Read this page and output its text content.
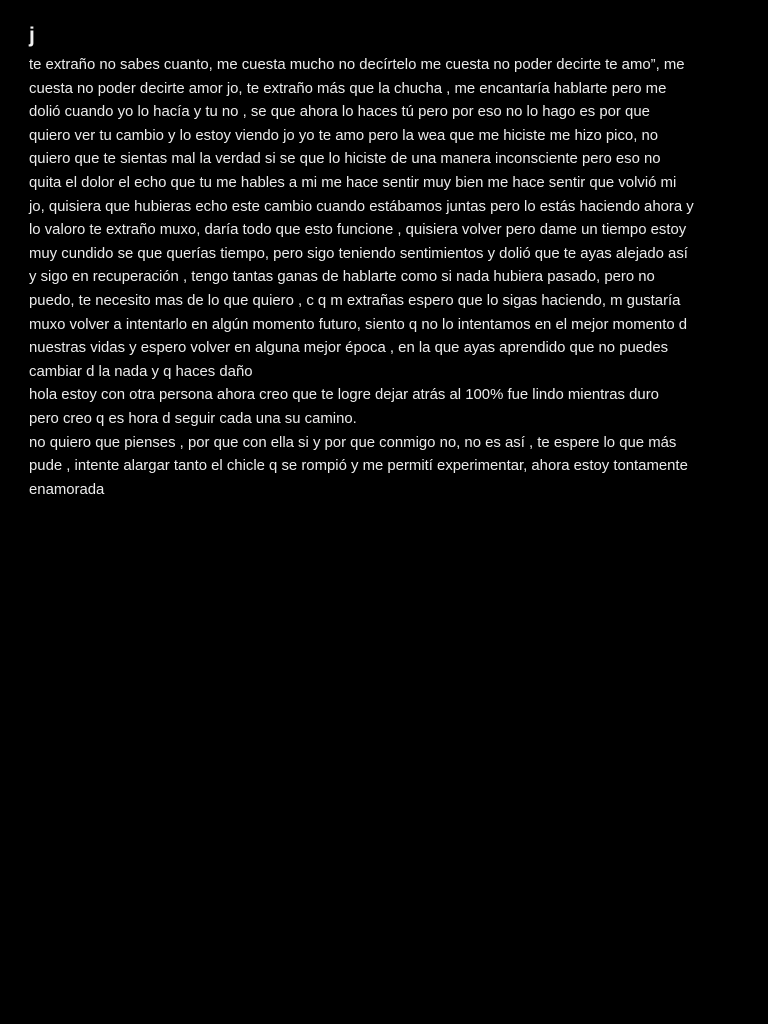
j
te extraño no sabes cuanto, me cuesta mucho no decírtelo me cuesta no poder decirte te amo”, me
cuesta no poder decirte amor jo, te extraño más que la chucha , me encantaría hablarte pero me
dolió cuando yo lo hacía y tu no , se que ahora lo haces tú pero por eso no lo hago es por que
quiero ver tu cambio y lo estoy viendo jo yo te amo pero la wea que me hiciste me hizo pico, no
quiero que te sientas mal la verdad si se que lo hiciste de una manera inconsciente pero eso no
quita el dolor el echo que tu me hables a mi me hace sentir muy bien me hace sentir que volvió mi
jo, quisiera que hubieras echo este cambio cuando estábamos juntas pero lo estás haciendo ahora y
lo valoro te extraño muxo, daría todo que esto funcione , quisiera volver pero dame un tiempo estoy
muy cundido se que querías tiempo, pero sigo teniendo sentimientos y dolió que te ayas alejado así
y sigo en recuperación , tengo tantas ganas de hablarte como si nada hubiera pasado, pero no
puedo, te necesito mas de lo que quiero , c q m extrañas espero que lo sigas haciendo, m gustaría
muxo volver a intentarlo en algún momento futuro, siento q no lo intentamos en el mejor momento d
nuestras vidas y espero volver en alguna mejor época , en la que ayas aprendido que no puedes
cambiar d la nada y q haces daño
hola estoy con otra persona ahora creo que te logre dejar atrás al 100% fue lindo mientras duro
pero creo q es hora d seguir cada una su camino.
no quiero que pienses , por que con ella si y por que conmigo no, no es así , te espere lo que más
pude , intente alargar tanto el chicle q se rompió y me permití experimentar, ahora estoy tontamente
enamorada
